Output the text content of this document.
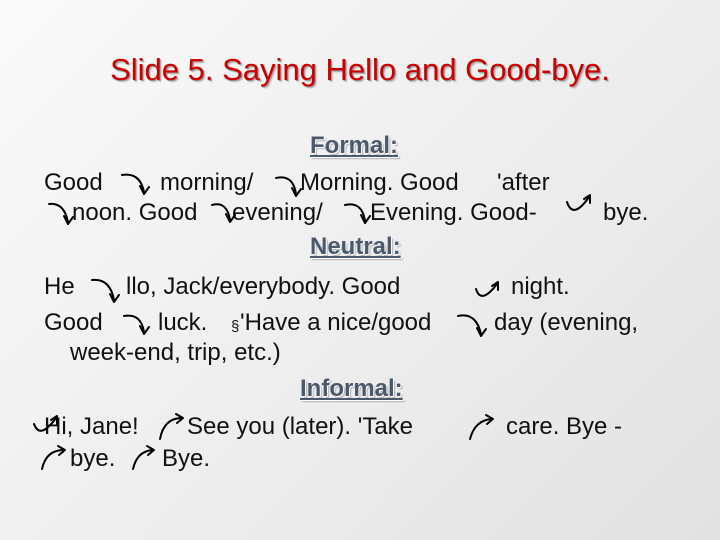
Slide 5. Saying Hello and Good-bye.
Formal:
Good morning/ Morning. Good 'after
noon. Good evening/ Evening. Good-	bye.
Neutral:
He llo, Jack/everybody. Good	night.
Good luck. § 'Have a nice/good	day (evening,
week-end, trip, etc.)
Informal:
Hi, Jane! See you (later). 'Take	care. Bye -
bye. Bye.
